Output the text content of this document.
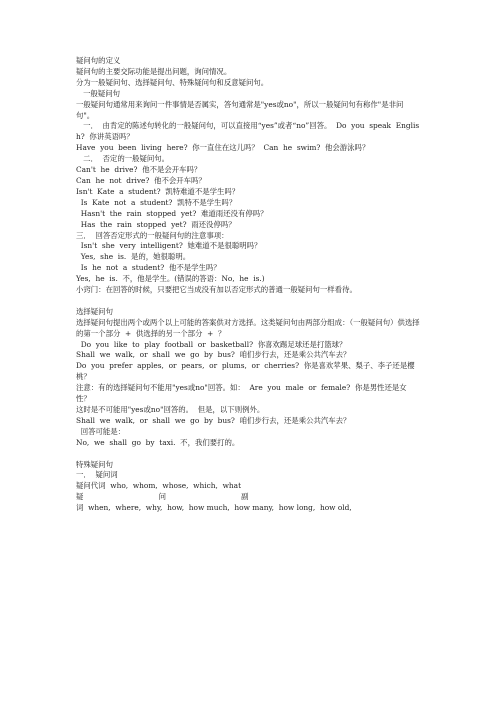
疑问句的定义
疑问句的主要交际功能是提出问题，询问情况。
分为一般疑问句、选择疑问句、特殊疑问句和反意疑问句。
一般疑问句
一般疑问句通常用来询问一件事情是否属实，答句通常是"yes或no"，所以一般疑问句有称作"是非问句"。
一．  由肯定的陈述句转化的一般疑问句，可以直接用“yes”或者“no”回答。  Do  you  speak  English?  你讲英语吗？
Have  you  been  living  here?  你一直住在这儿吗？  Can  he  swim?  他会游泳吗？
二．  否定的一般疑问句。
Can't  he  drive?  他不是会开车吗？
Can  he  not  drive?  他不会开车吗？
Isn't  Kate  a  student?  凯特难道不是学生吗？
Is  Kate  not  a  student?  凯特不是学生吗？
Hasn't  the  rain  stopped  yet?  难道雨还没有停吗？
Has  the  rain  stopped  yet?  雨还没停吗？
三．  回答否定形式的一般疑问句的注意事项：
Isn't  she  very  intelligent?  她难道不是很聪明吗？
Yes,  she  is.  是的，她很聪明。
Is  he  not  a  student?  他不是学生吗？
Yes,  he  is.  不，他是学生。(错误的答语：No,  he  is.)
小窍门：在回答的时候，只要把它当成没有加以否定形式的普通一般疑问句一样看待。
选择疑问句
选择疑问句提出两个或两个以上可能的答案供对方选择。这类疑问句由两部分组成：（一般疑问句）供选择的第一个部分  +  供选择的另一个部分  +  ？
Do  you  like  to  play  football  or  basketball?  你喜欢踢足球还是打篮球？
Shall  we  walk,  or  shall  we  go  by  bus?  咱们步行去，还是乘公共汽车去？
Do  you  prefer  apples,  or  pears,  or  plums,  or  cherries?  你是喜欢苹果、梨子、李子还是樱桃？
注意：有的选择疑问句不能用"yes或no"回答。如：  Are  you  male  or  female?  你是男性还是女性？
这时是不可能用"yes或no"回答的。  但是，以下则例外。
Shall  we  walk,  or  shall  we  go  by  bus?  咱们步行去，还是乘公共汽车去？
回答可能是：
No,  we  shall  go  by  taxi.  不，我们要打的。
特殊疑问句
一．  疑问词
疑问代词  who,  whom,  whose,  which,  what
疑                                问                                副
词  when,  where,  why,  how,  how much,  how many,  how long,  how old,
